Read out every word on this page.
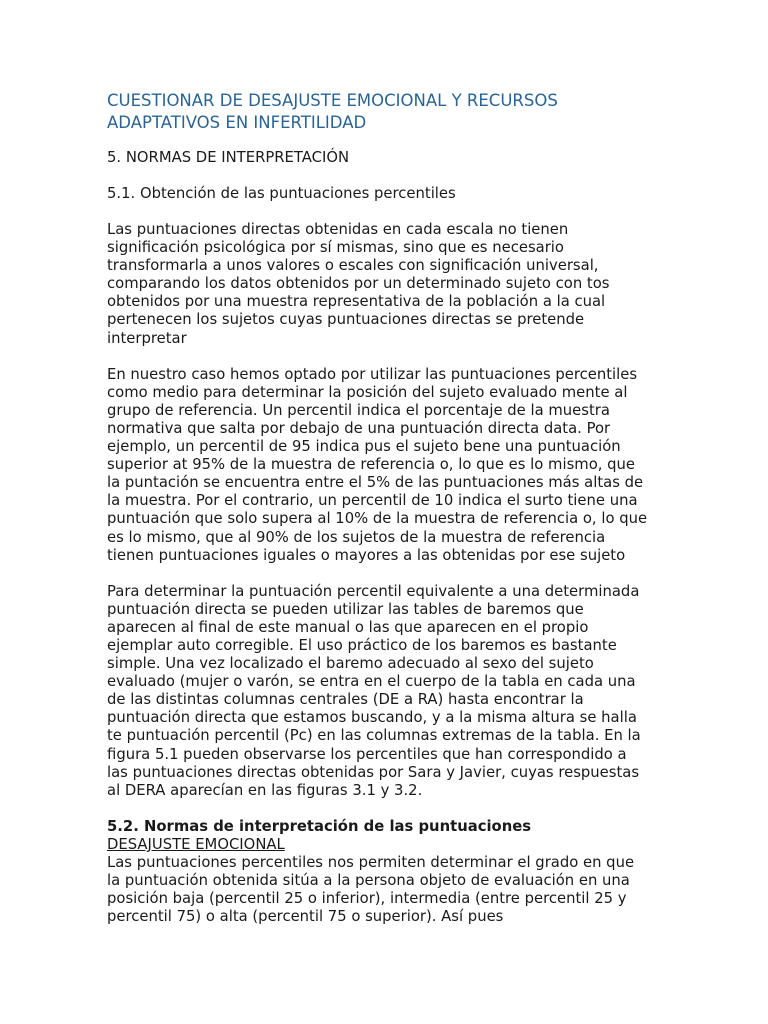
CUESTIONAR DE DESAJUSTE EMOCIONAL Y RECURSOS
ADAPTATIVOS EN INFERTILIDAD

5. NORMAS DE INTERPRETACIÓN

5.1. Obtención de las puntuaciones percentiles

Las puntuaciones directas obtenidas en cada escala no tienen
significación psicológica por sí mismas, sino que es necesario
transformarla a unos valores o escales con significación universal,
comparando los datos obtenidos por un determinado sujeto con tos
obtenidos por una muestra representativa de la población a la cual
pertenecen los sujetos cuyas puntuaciones directas se pretende
interpretar

En nuestro caso hemos optado por utilizar las puntuaciones percentiles
como medio para determinar la posición del sujeto evaluado mente al
grupo de referencia. Un percentil indica el porcentaje de la muestra
normativa que salta por debajo de una puntuación directa data. Por
ejemplo, un percentil de 95 indica pus el sujeto bene una puntuación
superior at 95% de la muestra de referencia o, lo que es lo mismo, que
la puntación se encuentra entre el 5% de las puntuaciones más altas de
la muestra. Por el contrario, un percentil de 10 indica el surto tiene una
puntuación que solo supera al 10% de la muestra de referencia o, lo que
es lo mismo, que al 90% de los sujetos de la muestra de referencia
tienen puntuaciones iguales o mayores a las obtenidas por ese sujeto

Para determinar la puntuación percentil equivalente a una determinada
puntuación directa se pueden utilizar las tables de baremos que
aparecen al final de este manual o las que aparecen en el propio
ejemplar auto corregible. El uso práctico de los baremos es bastante
simple. Una vez localizado el baremo adecuado al sexo del sujeto
evaluado (mujer o varón, se entra en el cuerpo de la tabla en cada una
de las distintas columnas centrales (DE a RA) hasta encontrar la
puntuación directa que estamos buscando, y a la misma altura se halla
te puntuación percentil (Pc) en las columnas extremas de la tabla. En la
figura 5.1 pueden observarse los percentiles que han correspondido a
las puntuaciones directas obtenidas por Sara y Javier, cuyas respuestas
al DERA aparecían en las figuras 3.1 y 3.2.

5.2. Normas de interpretación de las puntuaciones

DESAJUSTE EMOCIONAL

Las puntuaciones percentiles nos permiten determinar el grado en que
la puntuación obtenida sitúa a la persona objeto de evaluación en una
posición baja (percentil 25 o inferior), intermedia (entre percentil 25 y
percentil 75) o alta (percentil 75 o superior). Así pues
